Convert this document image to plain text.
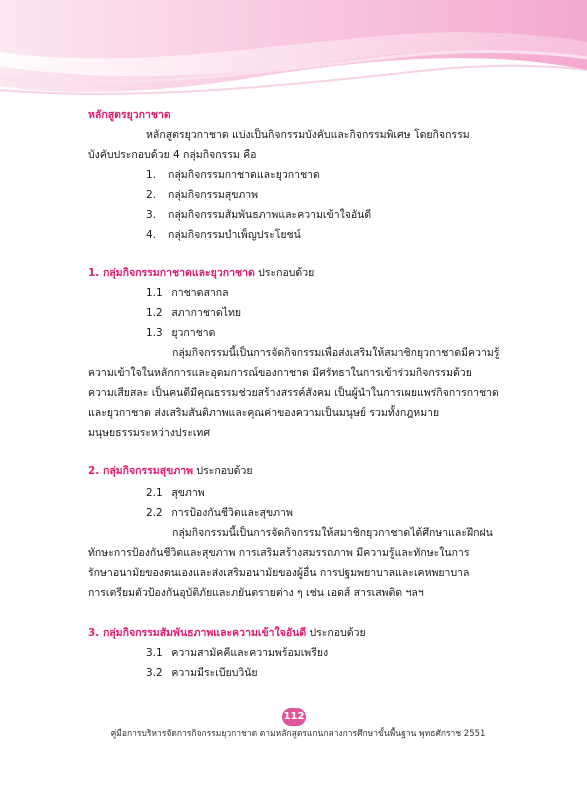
หลักสูตรยุวกาชาด
หลักสูตรยุวกาชาด แบ่งเป็นกิจกรรมบังคับและกิจกรรมพิเศษ โดยกิจกรรม
บังคับประกอบด้วย 4 กลุ่มกิจกรรม คือ
1. กลุ่มกิจกรรมกาชาดและยุวกาชาด
2. กลุ่มกิจกรรมสุขภาพ
3. กลุ่มกิจกรรมสัมพันธภาพและความเข้าใจอันดี
4. กลุ่มกิจกรรมบำเพ็ญประโยชน์
1. กลุ่มกิจกรรมกาชาดและยุวกาชาด ประกอบด้วย
1.1 กาชาดสากล
1.2 สภากาชาดไทย
1.3 ยุวกาชาด
กลุ่มกิจกรรมนี้เป็นการจัดกิจกรรมเพื่อส่งเสริมให้สมาชิกยุวกาชาดมีความรู้
ความเข้าใจในหลักการและอุดมการณ์ของกาชาด มีศรัทธาในการเข้าร่วมกิจกรรมด้วย
ความเสียสละ เป็นคนดีมีคุณธรรมช่วยสร้างสรรค์สังคม เป็นผู้นำในการเผยแพร่กิจการกาชาด
และยุวกาชาด ส่งเสริมสันติภาพและคุณค่าของความเป็นมนุษย์ รวมทั้งกฎหมาย
มนุษยธรรมระหว่างประเทศ
2. กลุ่มกิจกรรมสุขภาพ ประกอบด้วย
2.1 สุขภาพ
2.2 การป้องกันชีวิตและสุขภาพ
กลุ่มกิจกรรมนี้เป็นการจัดกิจกรรมให้สมาชิกยุวกาชาดได้ศึกษาและฝึกฝน
ทักษะการป้องกันชีวิตและสุขภาพ การเสริมสร้างสมรรถภาพ มีความรู้และทักษะในการ
รักษาอนามัยของตนเองและส่งเสริมอนามัยของผู้อื่น การปฐมพยาบาลและเคหพยาบาล
การเตรียมตัวป้องกันอุบัติภัยและภยันตรายต่าง ๆ เช่น เอดส์ สารเสพติด ฯลฯ
3. กลุ่มกิจกรรมสัมพันธภาพและความเข้าใจอันดี ประกอบด้วย
3.1 ความสามัคคีและความพร้อมเพรียง
3.2 ความมีระเบียบวินัย
112
คู่มือการบริหารจัดการกิจกรรมยุวกาชาด ตามหลักสูตรแกนกลางการศึกษาขั้นพื้นฐาน พุทธศักราช 2551
